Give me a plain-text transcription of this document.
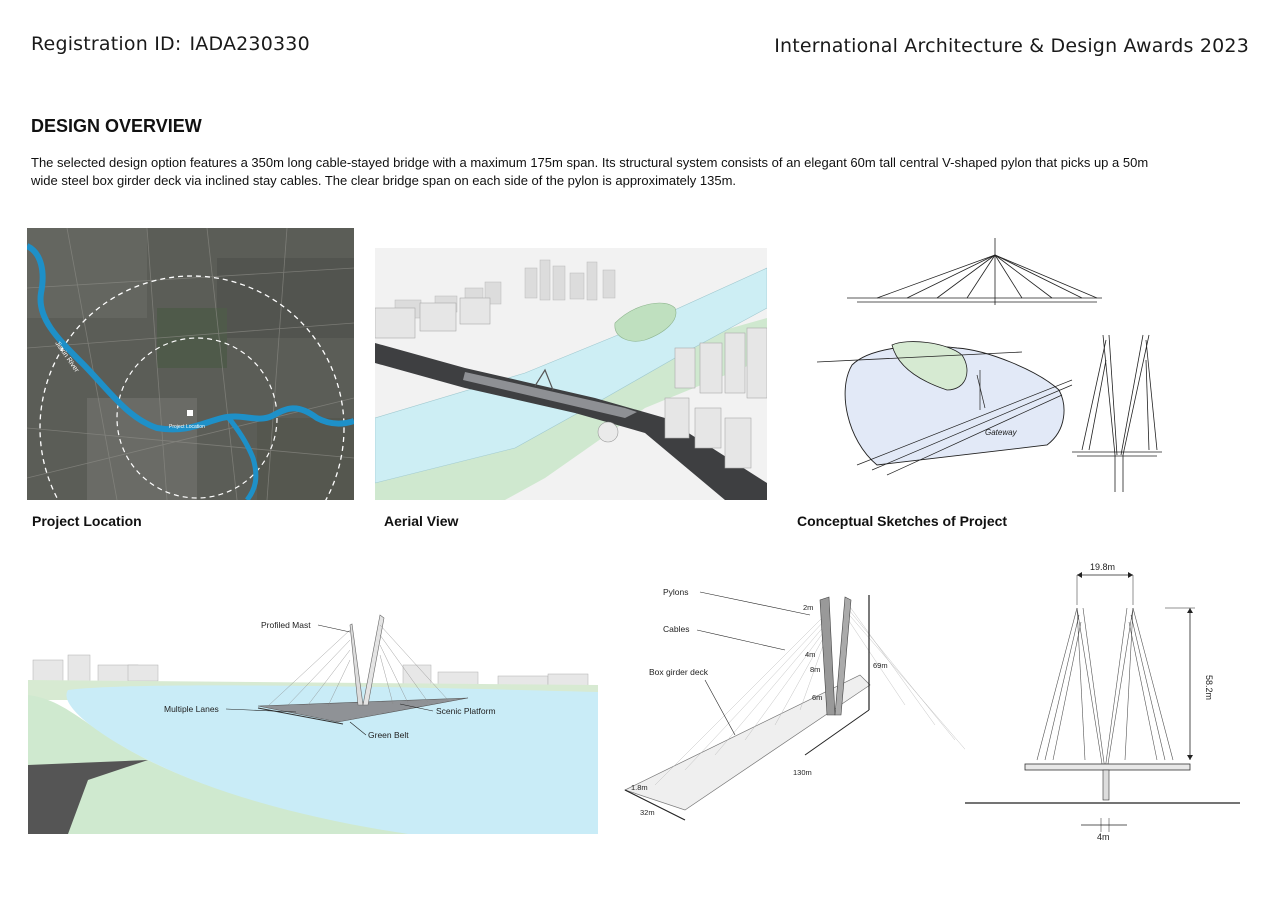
Registration ID: IADA230330	International Architecture & Design Awards 2023
DESIGN OVERVIEW
The selected design option features a 350m long cable-stayed bridge with a maximum 175m span. Its structural system consists of an elegant 60m tall central V-shaped pylon that picks up a 50m wide steel box girder deck via inclined stay cables. The clear bridge span on each side of the pylon is approximately 135m.
Jiaxin River
Project Location
Project Location	Aerial View
Gateway
Conceptual Sketches of Project
Profiled Mast
Multiple Lanes	Scenic Platform
Green Belt
Pylons
Cables
Box girder deck
2m
4m
8m
6m
69m
130m
1.8m
32m
19.8m
58.2m
4m
